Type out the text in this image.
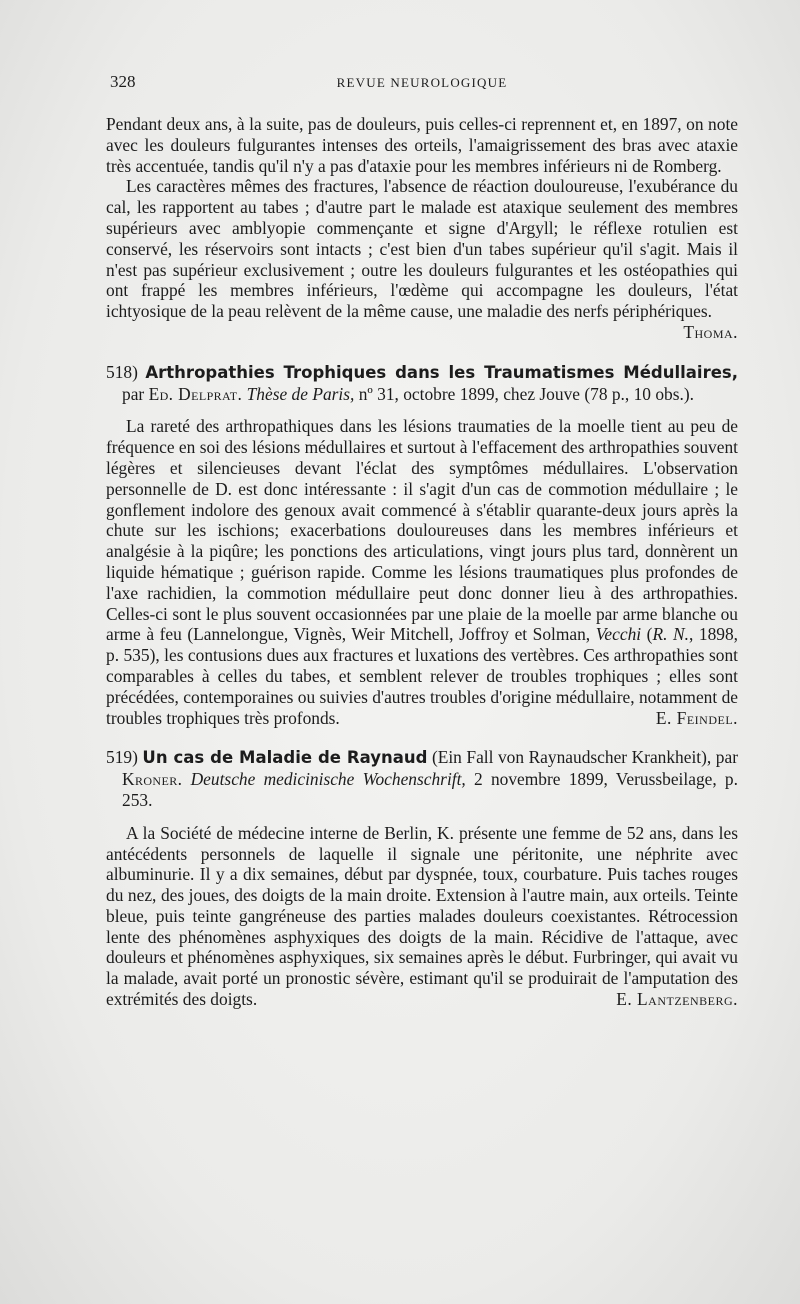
328	REVUE NEUROLOGIQUE

Pendant deux ans, à la suite, pas de douleurs, puis celles-ci reprennent et, en 1897, on note avec les douleurs fulgurantes intenses des orteils, l'amaigrissement des bras avec ataxie très accentuée, tandis qu'il n'y a pas d'ataxie pour les membres inférieurs ni de Romberg.

Les caractères mêmes des fractures, l'absence de réaction douloureuse, l'exubérance du cal, les rapportent au tabes ; d'autre part le malade est ataxique seulement des membres supérieurs avec amblyopie commençante et signe d'Argyll; le réflexe rotulien est conservé, les réservoirs sont intacts ; c'est bien d'un tabes supérieur qu'il s'agit. Mais il n'est pas supérieur exclusivement ; outre les douleurs fulgurantes et les ostéopathies qui ont frappé les membres inférieurs, l'œdème qui accompagne les douleurs, l'état ichtyosique de la peau relèvent de la même cause, une maladie des nerfs périphériques.
Thoma.

518) Arthropathies Trophiques dans les Traumatismes Médullaires, par Ed. Delprat. Thèse de Paris, nº 31, octobre 1899, chez Jouve (78 p., 10 obs.).

La rareté des arthropathiques dans les lésions traumaties de la moelle tient au peu de fréquence en soi des lésions médullaires et surtout à l'effacement des arthropathies souvent légères et silencieuses devant l'éclat des symptômes médullaires. L'observation personnelle de D. est donc intéressante : il s'agit d'un cas de commotion médullaire ; le gonflement indolore des genoux avait commencé à s'établir quarante-deux jours après la chute sur les ischions; exacerbations douloureuses dans les membres inférieurs et analgésie à la piqûre; les ponctions des articulations, vingt jours plus tard, donnèrent un liquide hématique ; guérison rapide. Comme les lésions traumatiques plus profondes de l'axe rachidien, la commotion médullaire peut donc donner lieu à des arthropathies. Celles-ci sont le plus souvent occasionnées par une plaie de la moelle par arme blanche ou arme à feu (Lannelongue, Vignès, Weir Mitchell, Joffroy et Solman, Vecchi (R. N., 1898, p. 535), les contusions dues aux fractures et luxations des vertèbres. Ces arthropathies sont comparables à celles du tabes, et semblent relever de troubles trophiques ; elles sont précédées, contemporaines ou suivies d'autres troubles d'origine médullaire, notamment de troubles trophiques très profonds.	E. Feindel.

519) Un cas de Maladie de Raynaud (Ein Fall von Raynaudscher Krankheit), par Kroner. Deutsche medicinische Wochenschrift, 2 novembre 1899, Verussbeilage, p. 253.

A la Société de médecine interne de Berlin, K. présente une femme de 52 ans, dans les antécédents personnels de laquelle il signale une péritonite, une néphrite avec albuminurie. Il y a dix semaines, début par dyspnée, toux, courbature. Puis taches rouges du nez, des joues, des doigts de la main droite. Extension à l'autre main, aux orteils. Teinte bleue, puis teinte gangréneuse des parties malades douleurs coexistantes. Rétrocession lente des phénomènes asphyxiques des doigts de la main. Récidive de l'attaque, avec douleurs et phénomènes asphyxiques, six semaines après le début. Furbringer, qui avait vu la malade, avait porté un pronostic sévère, estimant qu'il se produirait de l'amputation des extrémités des doigts.	E. Lantzenberg.
